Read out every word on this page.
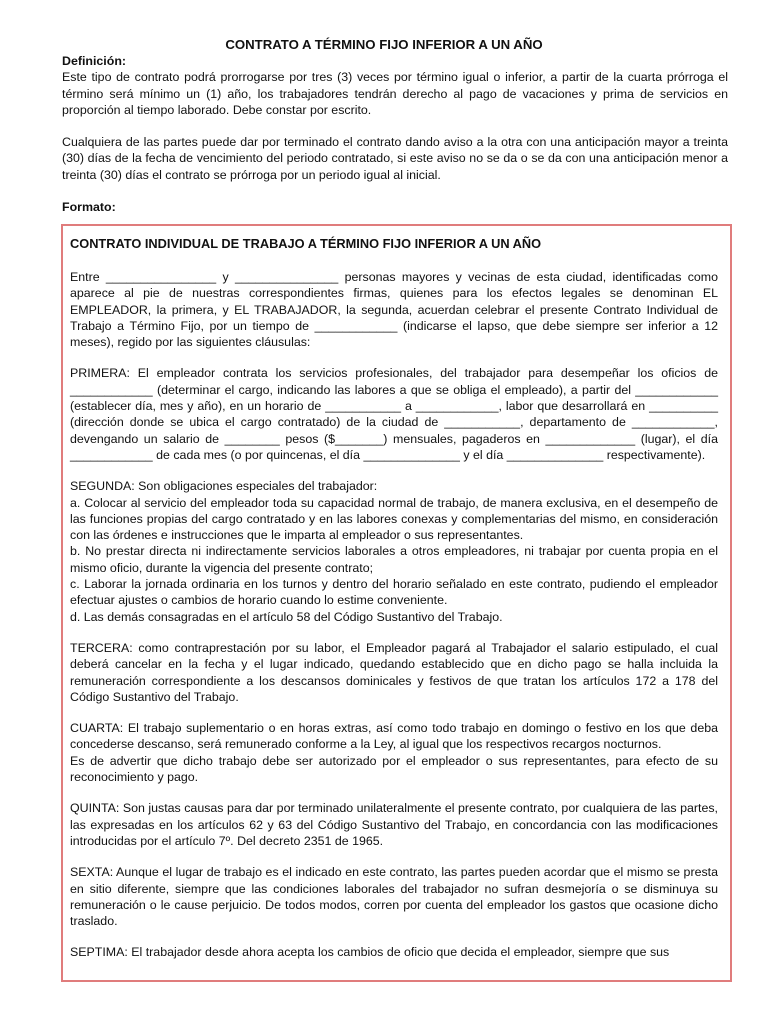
CONTRATO A TÉRMINO FIJO INFERIOR A UN AÑO

Definición:

Este tipo de contrato podrá prorrogarse por tres (3) veces por término igual o inferior, a partir de la cuarta prórroga el término será mínimo un (1) año, los trabajadores tendrán derecho al pago de vacaciones y prima de servicios en proporción al tiempo laborado. Debe constar por escrito.

Cualquiera de las partes puede dar por terminado el contrato dando aviso a la otra con una anticipación mayor a treinta (30) días de la fecha de vencimiento del periodo contratado, si este aviso no se da o se da con una anticipación menor a treinta (30) días el contrato se prórroga por un periodo igual al inicial.

Formato:

CONTRATO INDIVIDUAL DE TRABAJO A TÉRMINO FIJO INFERIOR A UN AÑO

Entre ________________ y _______________ personas mayores y vecinas de esta ciudad, identificadas como aparece al pie de nuestras correspondientes firmas, quienes para los efectos legales se denominan EL EMPLEADOR, la primera, y EL TRABAJADOR, la segunda, acuerdan celebrar el presente Contrato Individual de Trabajo a Término Fijo, por un tiempo de ____________ (indicarse el lapso, que debe siempre ser inferior a 12 meses), regido por las siguientes cláusulas:

PRIMERA: El empleador contrata los servicios profesionales, del trabajador para desempeñar los oficios de ____________ (determinar el cargo, indicando las labores a que se obliga el empleado), a partir del ____________ (establecer día, mes y año), en un horario de ___________ a ____________, labor que desarrollará en __________ (dirección donde se ubica el cargo contratado) de la ciudad de ___________, departamento de ____________, devengando un salario de ________ pesos ($_______) mensuales, pagaderos en _____________ (lugar), el día ____________ de cada mes (o por quincenas, el día ______________ y el día ______________ respectivamente).

SEGUNDA: Son obligaciones especiales del trabajador:
a. Colocar al servicio del empleador toda su capacidad normal de trabajo, de manera exclusiva, en el desempeño de las funciones propias del cargo contratado y en las labores conexas y complementarias del mismo, en consideración con las órdenes e instrucciones que le imparta al empleador o sus representantes.
b. No prestar directa ni indirectamente servicios laborales a otros empleadores, ni trabajar por cuenta propia en el mismo oficio, durante la vigencia del presente contrato;
c. Laborar la jornada ordinaria en los turnos y dentro del horario señalado en este contrato, pudiendo el empleador efectuar ajustes o cambios de horario cuando lo estime conveniente.
d. Las demás consagradas en el artículo 58 del Código Sustantivo del Trabajo.

TERCERA: como contraprestación por su labor, el Empleador pagará al Trabajador el salario estipulado, el cual deberá cancelar en la fecha y el lugar indicado, quedando establecido que en dicho pago se halla incluida la remuneración correspondiente a los descansos dominicales y festivos de que tratan los artículos 172 a 178 del Código Sustantivo del Trabajo.

CUARTA: El trabajo suplementario o en horas extras, así como todo trabajo en domingo o festivo en los que deba concederse descanso, será remunerado conforme a la Ley, al igual que los respectivos recargos nocturnos.
Es de advertir que dicho trabajo debe ser autorizado por el empleador o sus representantes, para efecto de su reconocimiento y pago.

QUINTA: Son justas causas para dar por terminado unilateralmente el presente contrato, por cualquiera de las partes, las expresadas en los artículos 62 y 63 del Código Sustantivo del Trabajo, en concordancia con las modificaciones introducidas por el artículo 7º. Del decreto 2351 de 1965.

SEXTA: Aunque el lugar de trabajo es el indicado en este contrato, las partes pueden acordar que el mismo se presta en sitio diferente, siempre que las condiciones laborales del trabajador no sufran desmejoría o se disminuya su remuneración o le cause perjuicio. De todos modos, corren por cuenta del empleador los gastos que ocasione dicho traslado.

SEPTIMA: El trabajador desde ahora acepta los cambios de oficio que decida el empleador, siempre que sus
